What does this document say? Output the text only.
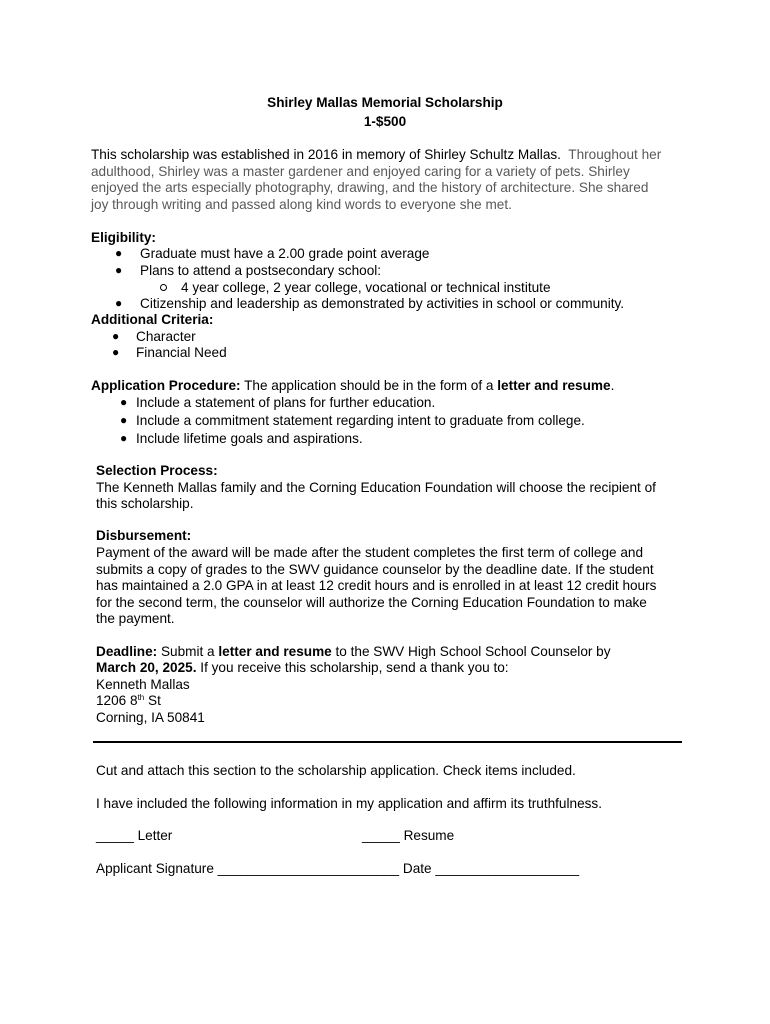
Shirley Mallas Memorial Scholarship
1-$500
This scholarship was established in 2016 in memory of Shirley Schultz Mallas. Throughout her
adulthood, Shirley was a master gardener and enjoyed caring for a variety of pets. Shirley
enjoyed the arts especially photography, drawing, and the history of architecture. She shared
joy through writing and passed along kind words to everyone she met.
Eligibility:
● Graduate must have a 2.00 grade point average
● Plans to attend a postsecondary school:
4 year college, 2 year college, vocational or technical institute
● Citizenship and leadership as demonstrated by activities in school or community.
Additional Criteria:
● Character
● Financial Need
Application Procedure: The application should be in the form of a letter and resume.
● Include a statement of plans for further education.
● Include a commitment statement regarding intent to graduate from college.
● Include lifetime goals and aspirations.
Selection Process:
The Kenneth Mallas family and the Corning Education Foundation will choose the recipient of
this scholarship.
Disbursement:
Payment of the award will be made after the student completes the first term of college and
submits a copy of grades to the SWV guidance counselor by the deadline date. If the student
has maintained a 2.0 GPA in at least 12 credit hours and is enrolled in at least 12 credit hours
for the second term, the counselor will authorize the Corning Education Foundation to make
the payment.
Deadline: Submit a letter and resume to the SWV High School School Counselor by
March 20, 2025. If you receive this scholarship, send a thank you to:
Kenneth Mallas
1206 8th St
Corning, IA 50841
Cut and attach this section to the scholarship application. Check items included.
I have included the following information in my application and affirm its truthfulness.
_____ Letter	_____ Resume
Applicant Signature ________________________ Date ___________________
